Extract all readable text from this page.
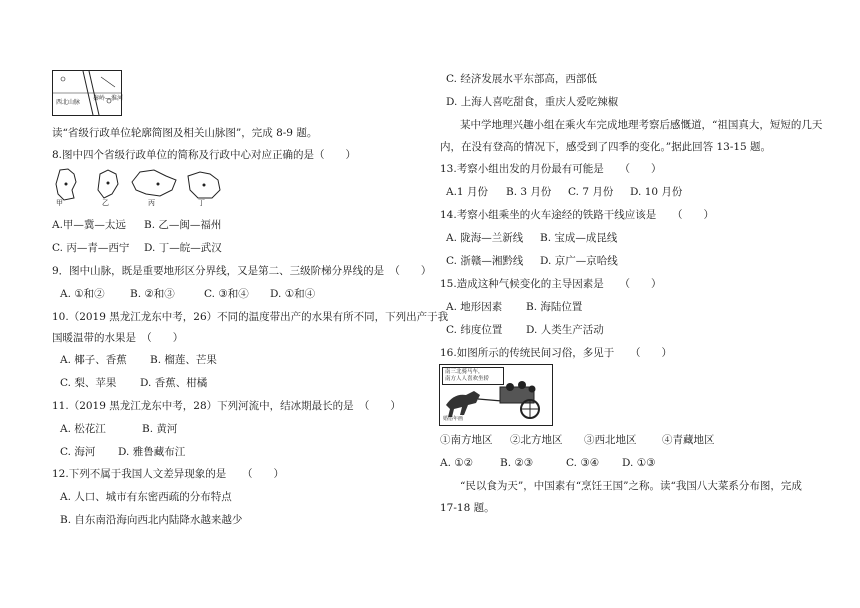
西北山脉
秦岭—淮河
读“省级行政单位轮廓简图及相关山脉图”，完成 8-9 题。
8.图中四个省级行政单位的简称及行政中心对应正确的是（　　）
甲	乙	丙	丁
A.甲—冀—太远 B. 乙—闽—福州
C. 丙—青—西宁 D. 丁—皖—武汉
9．图中山脉，既是重要地形区分界线，又是第二、三级阶梯分界线的是　（　　）
A. ①和② B. ②和③	C. ③和④ D. ①和④
10.（2019 黑龙江龙东中考，26）不同的温度带出产的水果有所不同，下列出产于我
国暖温带的水果是　（　　）
A. 椰子、香蕉 B. 榴莲、芒果
C. 梨、苹果 D. 香蕉、柑橘
11.（2019 黑龙江龙东中考，28）下列河流中，结冰期最长的是　（　　）
A. 松花江	B. 黄河
C. 海河 D. 雅鲁藏布江
12.下列不属于我国人文差异现象的是　　（　　）
A. 人口、城市有东密西疏的分布特点
B. 自东南沿海向西北内陆降水越来越少
C. 经济发展水平东部高，西部低
D. 上海人喜吃甜食，重庆人爱吃辣椒
某中学地理兴趣小组在乘火车完成地理考察后感慨道，“祖国真大，短短的几天
内，在没有登高的情况下，感受到了四季的变化。”据此回答 13-15 题。
13.考察小组出发的月份最有可能是　　（　　）
A.1 月份 B. 3 月份 C. 7 月份 D. 10 月份
14.考察小组乘坐的火车途经的铁路干线应该是　　（　　）
A. 陇海—兰新线 B. 宝成—成昆线
C. 浙赣—湘黔线 D. 京广—京哈线
15.造成这种气候变化的主导因素是　　（　　）
A. 地形因素 B. 海陆位置
C. 纬度位置 D. 人类生产活动
16.如图所示的传统民间习俗，多见于　　（　　）
南三北骑马车，
南方人人喜欢坐轿
婚俗年画
①南方地区 ②北方地区 ③西北地区 ④青藏地区
A. ①②	B. ②③	C. ③④ D. ①③
“民以食为天”，中国素有“烹饪王国”之称。读“我国八大菜系分布图，完成
17-18 题。
